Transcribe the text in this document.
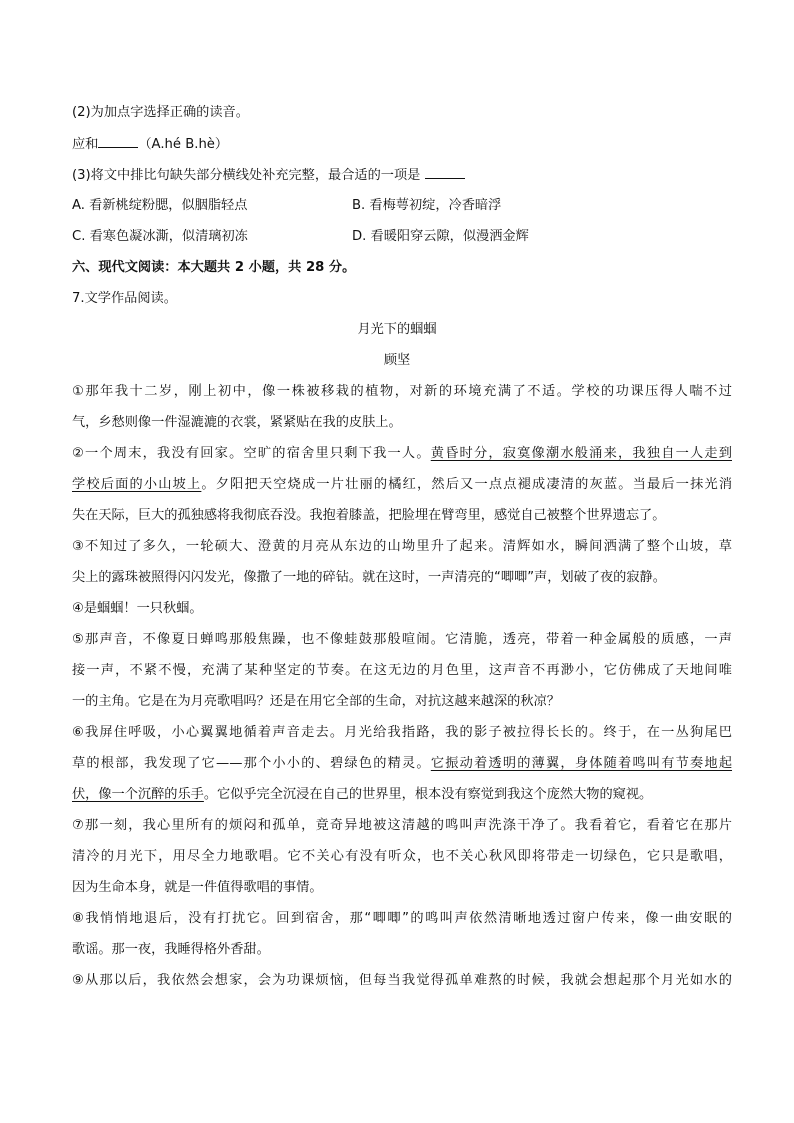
(2)为加点字选择正确的读音。
应和	（A.hé B.hè）
(3)将文中排比句缺失部分横线处补充完整，最合适的一项是
A. 看新桃绽粉腮，似胭脂轻点	B. 看梅萼初绽，冷香暗浮
C. 看寒色凝冰澌，似清璃初冻	D. 看暖阳穿云隙，似漫洒金辉
六、现代文阅读：本大题共 2 小题，共 28 分。
7.文学作品阅读。
月光下的蝈蝈
顾坚
①那年我十二岁，刚上初中，像一株被移栽的植物，对新的环境充满了不适。学校的功课压得人喘不过
气，乡愁则像一件湿漉漉的衣裳，紧紧贴在我的皮肤上。
②一个周末，我没有回家。空旷的宿舍里只剩下我一人。黄昏时分，寂寞像潮水般涌来，我独自一人走到
学校后面的小山坡上。夕阳把天空烧成一片壮丽的橘红，然后又一点点褪成凄清的灰蓝。当最后一抹光消
失在天际，巨大的孤独感将我彻底吞没。我抱着膝盖，把脸埋在臂弯里，感觉自己被整个世界遗忘了。
③不知过了多久，一轮硕大、澄黄的月亮从东边的山坳里升了起来。清辉如水，瞬间洒满了整个山坡，草
尖上的露珠被照得闪闪发光，像撒了一地的碎钻。就在这时，一声清亮的“唧唧”声，划破了夜的寂静。
④是蝈蝈！一只秋蝈。
⑤那声音，不像夏日蝉鸣那般焦躁，也不像蛙鼓那般喧闹。它清脆，透亮，带着一种金属般的质感，一声
接一声，不紧不慢，充满了某种坚定的节奏。在这无边的月色里，这声音不再渺小，它仿佛成了天地间唯
一的主角。它是在为月亮歌唱吗？还是在用它全部的生命，对抗这越来越深的秋凉？
⑥我屏住呼吸，小心翼翼地循着声音走去。月光给我指路，我的影子被拉得长长的。终于，在一丛狗尾巴
草的根部，我发现了它——那个小小的、碧绿色的精灵。它振动着透明的薄翼，身体随着鸣叫有节奏地起
伏，像一个沉醉的乐手。它似乎完全沉浸在自己的世界里，根本没有察觉到我这个庞然大物的窥视。
⑦那一刻，我心里所有的烦闷和孤单，竟奇异地被这清越的鸣叫声洗涤干净了。我看着它，看着它在那片
清冷的月光下，用尽全力地歌唱。它不关心有没有听众，也不关心秋风即将带走一切绿色，它只是歌唱，
因为生命本身，就是一件值得歌唱的事情。
⑧我悄悄地退后，没有打扰它。回到宿舍，那“唧唧”的鸣叫声依然清晰地透过窗户传来，像一曲安眠的
歌谣。那一夜，我睡得格外香甜。
⑨从那以后，我依然会想家，会为功课烦恼，但每当我觉得孤单难熬的时候，我就会想起那个月光如水的
